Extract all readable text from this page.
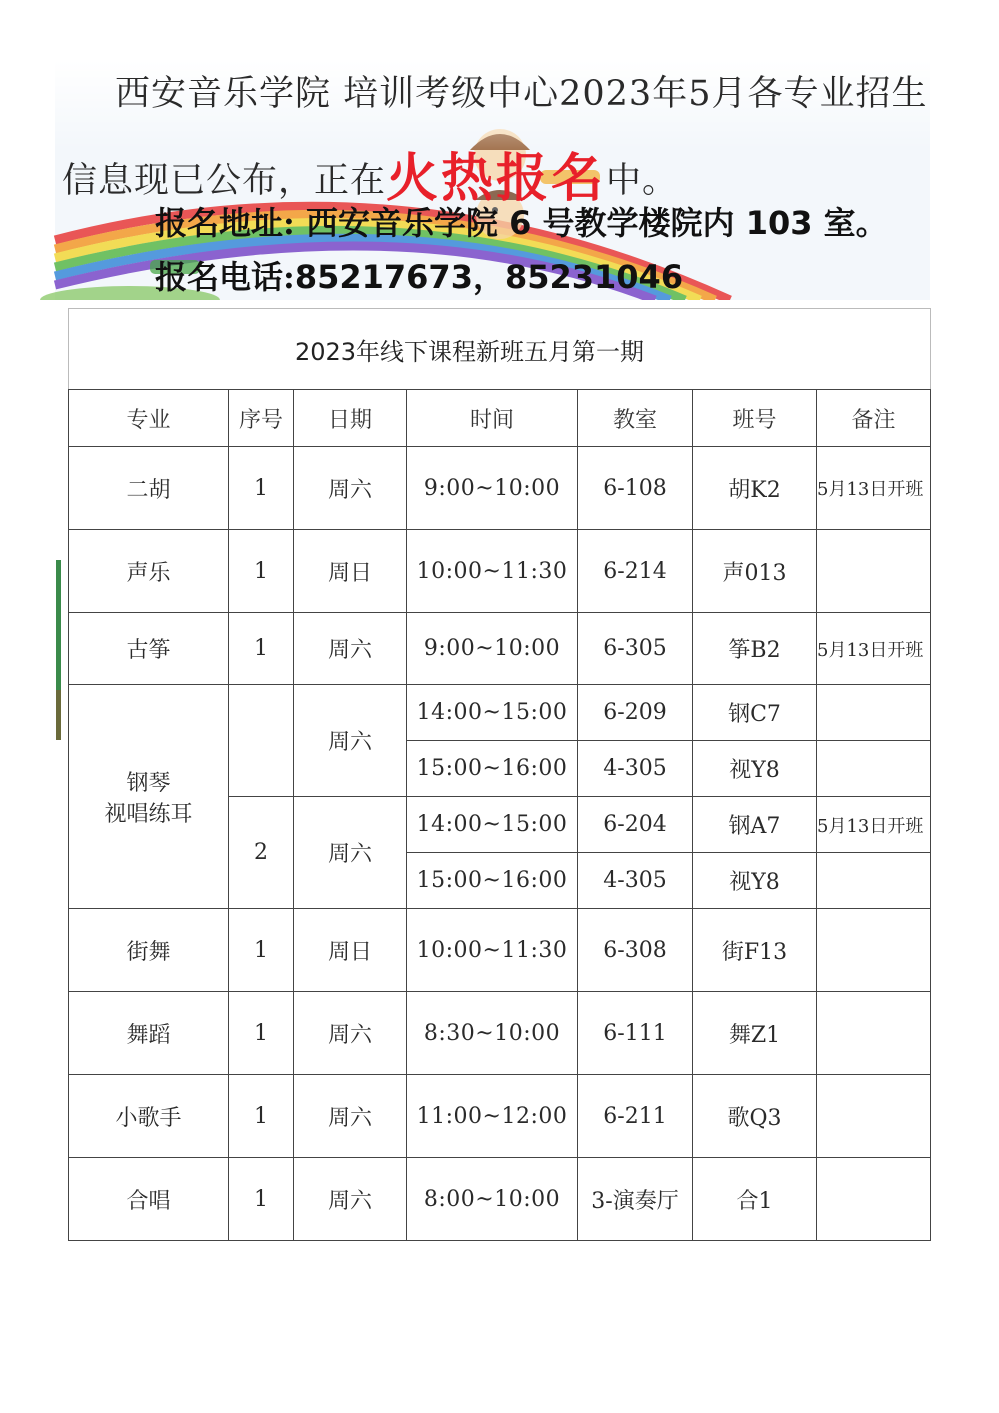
西安音乐学院 培训考级中心2023年5月各专业招生
信息现已公布，正在火热报名中。
报名地址: 西安音乐学院 6 号教学楼院内 103 室。
报名电话:85217673，85231046
2023年线下课程新班五月第一期						
专业	序号	日期	时间	教室	班号	备注
二胡	1	周六	9:00~10:00	6-108	胡K2	5月13日开班
声乐	1	周日	10:00~11:30	6-214	声013	
古筝	1	周六	9:00~10:00	6-305	筝B2	5月13日开班

钢琴
视唱练耳		周六	14:00~15:00	6-209	钢C7	
			15:00~16:00	4-305	视Y8	
	2	周六	14:00~15:00	6-204	钢A7	5月13日开班
			15:00~16:00	4-305	视Y8	
街舞	1	周日	10:00~11:30	6-308	街F13	
舞蹈	1	周六	8:30~10:00	6-111	舞Z1	
小歌手	1	周六	11:00~12:00	6-211	歌Q3	
合唱	1	周六	8:00~10:00	3-演奏厅	合1	
